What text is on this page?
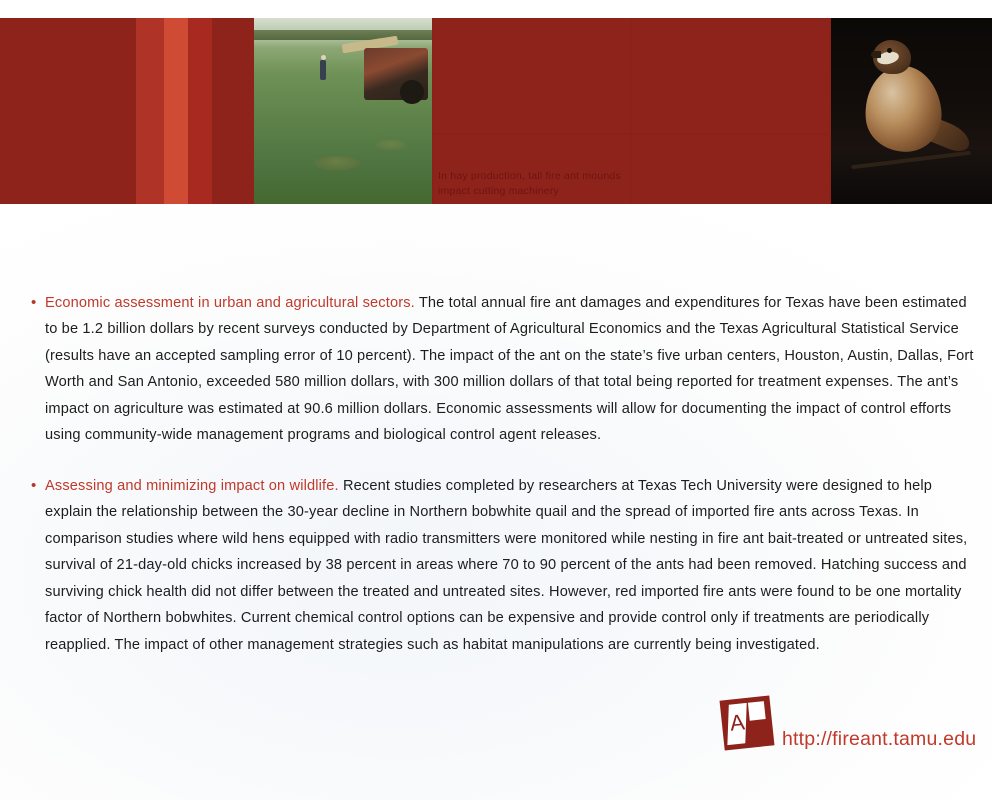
In hay production, tall fire ant mounds impact cutting machinery

• Economic assessment in urban and agricultural sectors. The total annual fire ant damages and expenditures for Texas have been estimated to be 1.2 billion dollars by recent surveys conducted by Department of Agricultural Economics and the Texas Agricultural Statistical Service (results have an accepted sampling error of 10 percent). The impact of the ant on the state’s five urban centers, Houston, Austin, Dallas, Fort Worth and San Antonio, exceeded 580 million dollars, with 300 million dollars of that total being reported for treatment expenses. The ant’s impact on agriculture was estimated at 90.6 million dollars. Economic assessments will allow for documenting the impact of control efforts using community-wide management programs and biological control agent releases.

• Assessing and minimizing impact on wildlife. Recent studies completed by researchers at Texas Tech University were designed to help explain the relationship between the 30-year decline in Northern bobwhite quail and the spread of imported fire ants across Texas. In comparison studies where wild hens equipped with radio transmitters were monitored while nesting in fire ant bait-treated or untreated sites, survival of 21-day-old chicks increased by 38 percent in areas where 70 to 90 percent of the ants had been removed. Hatching success and surviving chick health did not differ between the treated and untreated sites. However, red imported fire ants were found to be one mortality factor of Northern bobwhites. Current chemical control options can be expensive and provide control only if treatments are periodically reapplied. The impact of other management strategies such as habitat manipulations are currently being investigated.

A
http://fireant.tamu.edu
